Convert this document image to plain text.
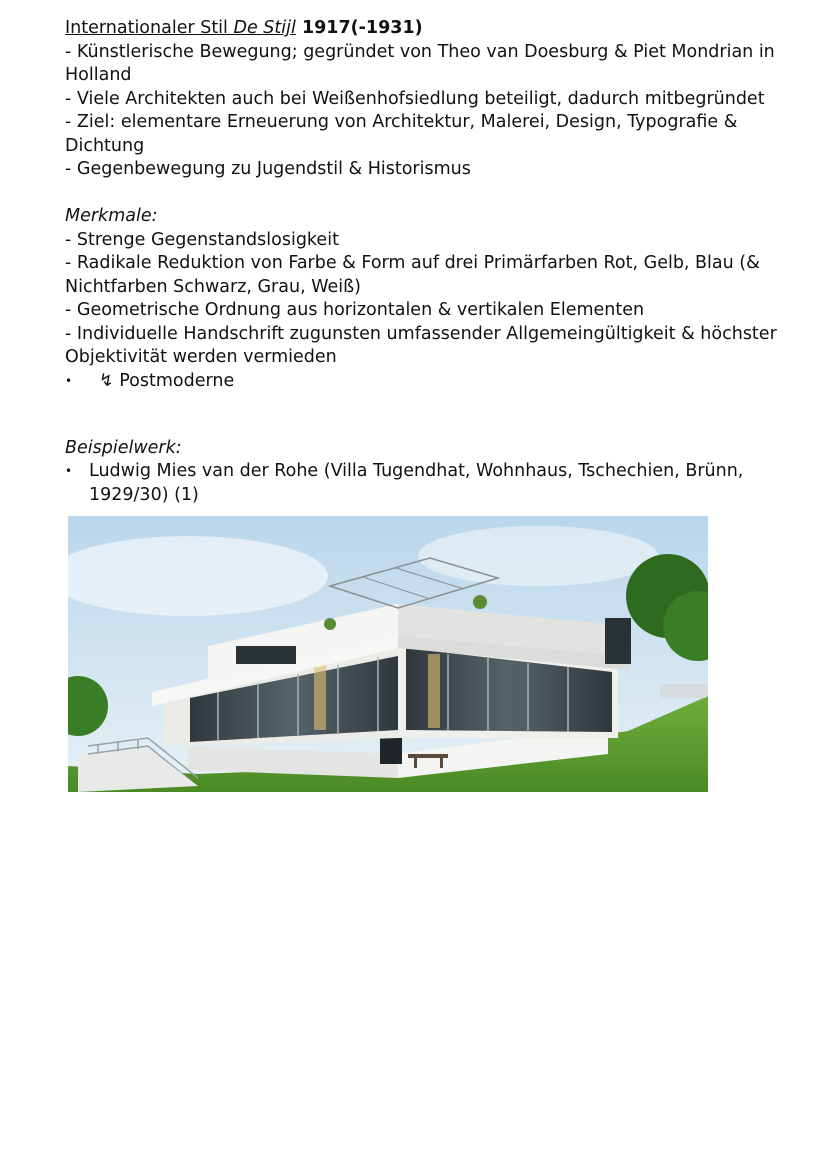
Internationaler Stil De Stijl 1917(-1931)

- Künstlerische Bewegung; gegründet von Theo van Doesburg & Piet Mondrian in Holland

- Viele Architekten auch bei Weißenhofsiedlung beteiligt, dadurch mitbegründet

- Ziel: elementare Erneuerung von Architektur, Malerei, Design, Typografie & Dichtung

- Gegenbewegung zu Jugendstil & Historismus

Merkmale:

- Strenge Gegenstandslosigkeit

- Radikale Reduktion von Farbe & Form auf drei Primärfarben Rot, Gelb, Blau (& Nichtfarben Schwarz, Grau, Weiß)

- Geometrische Ordnung aus horizontalen & vertikalen Elementen

- Individuelle Handschrift zugunsten umfassender Allgemeingültigkeit & höchster Objektivität werden vermieden

•	↯ Postmoderne

Beispielwerk:

• Ludwig Mies van der Rohe (Villa Tugendhat, Wohnhaus, Tschechien, Brünn, 1929/30) (1)
